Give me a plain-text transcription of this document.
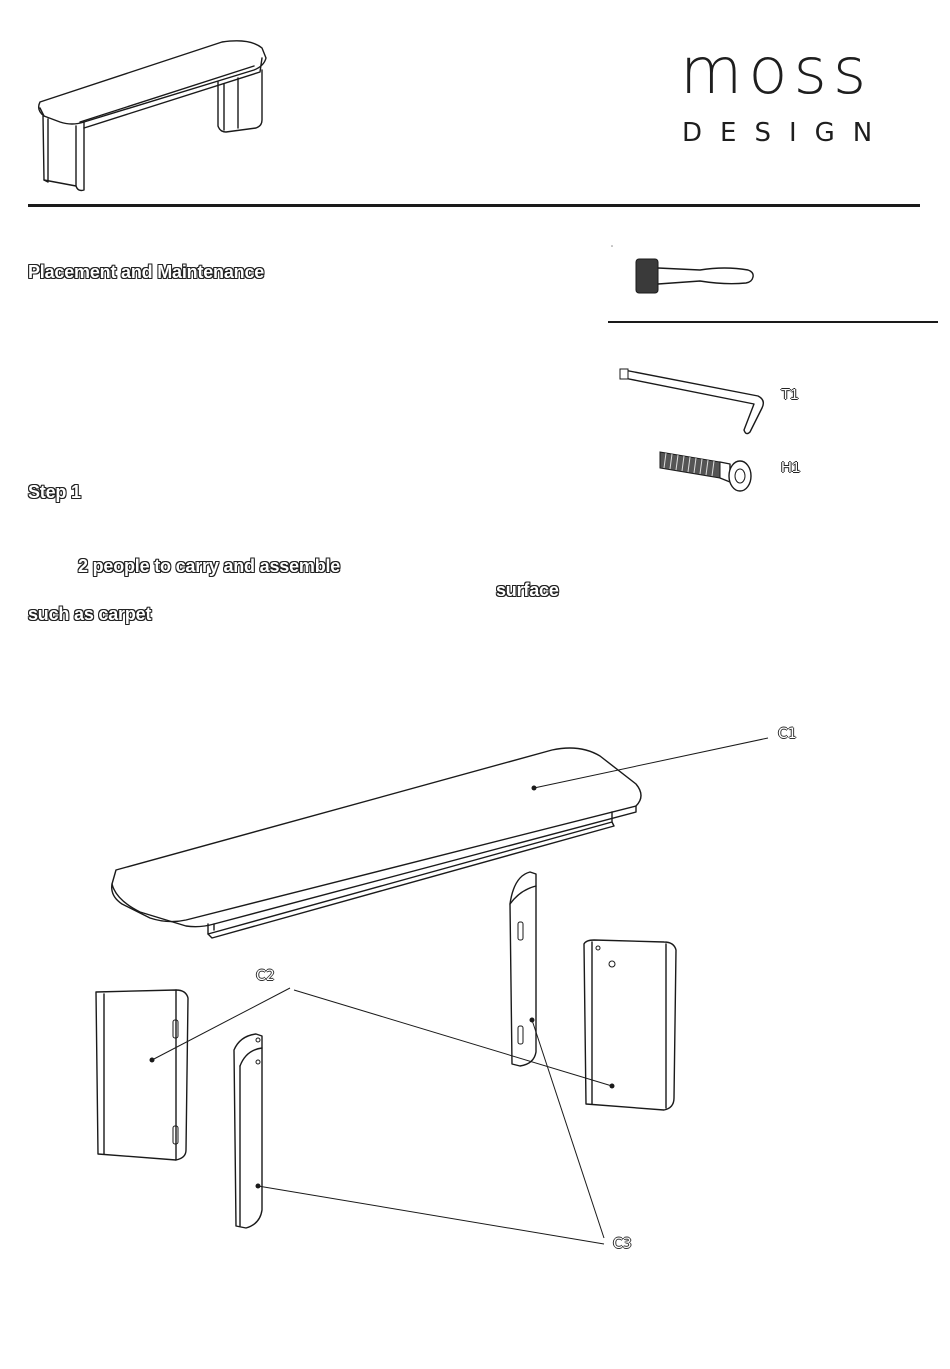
moss
DESIGN
Placement and Maintenance
Step 1
2 people to carry and assemble
surface
such as carpet
T1
H1
C1
C2
C3
